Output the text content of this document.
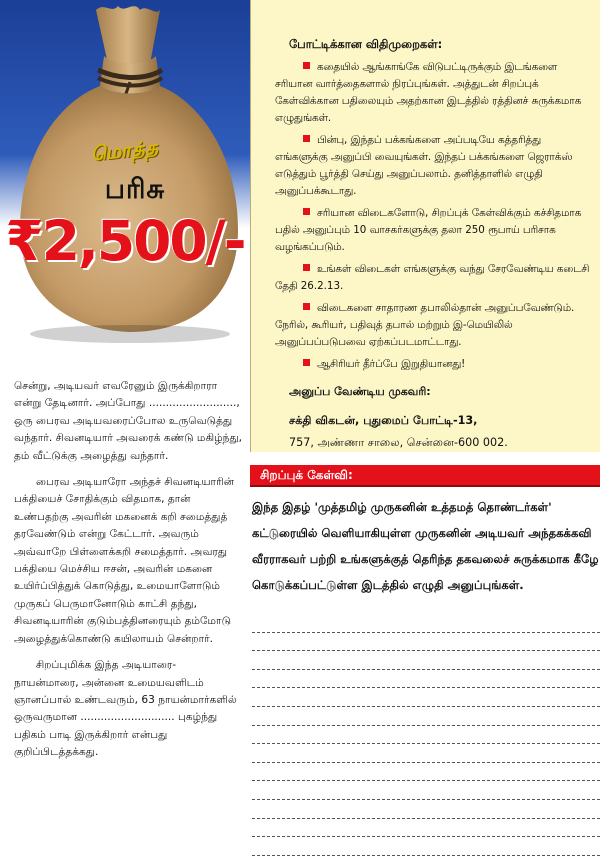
மொத்த
பரிசு
₹2,500/-
போட்டிக்கான விதிமுறைகள்:
கதையில் ஆங்காங்கே விடுபட்டிருக்கும் இடங்களை சரியான வார்த்தைகளால் நிரப்புங்கள். அத்துடன் சிறப்புக் கேள்விக்கான பதிலையும் அதற்கான இடத்தில் ரத்தினச் சுருக்கமாக எழுதுங்கள்.
பின்பு, இந்தப் பக்கங்களை அப்படியே கத்தரித்து எங்களுக்கு அனுப்பி வையுங்கள். இந்தப் பக்கங்களை ஜெராக்ஸ் எடுத்தும் பூர்த்தி செய்து அனுப்பலாம். தனித்தாளில் எழுதி அனுப்பக்கூடாது.
சரியான விடைகளோடு, சிறப்புக் கேள்விக்கும் கச்சிதமாக பதில் அனுப்பும் 10 வாசகர்களுக்கு தலா 250 ரூபாய் பரிசாக வழங்கப்படும்.
உங்கள் விடைகள் எங்களுக்கு வந்து சேரவேண்டிய கடைசி தேதி 26.2.13.
விடைகளை சாதாரண தபாலில்தான் அனுப்பவேண்டும். நேரில், கூரியர், பதிவுத் தபால் மற்றும் இ-மெயிலில் அனுப்பப்படுபவை ஏற்கப்படமாட்டாது.
ஆசிரியர் தீர்ப்பே இறுதியானது!
அனுப்ப வேண்டிய முகவரி:
சக்தி விகடன், புதுமைப் போட்டி-13,
757, அண்ணா சாலை, சென்னை-600 002.

சென்று, அடியவர் எவரேனும் இருக்கிறாரா என்று தேடினார். அப்போது .........................., ஒரு பைரவ அடியவரைப்போல உருவெடுத்து வந்தார். சிவனடியார் அவரைக் கண்டு மகிழ்ந்து, தம் வீட்டுக்கு அழைத்து வந்தார்.

பைரவ அடியாரோ அந்தச் சிவனடியாரின் பக்தியைச் சோதிக்கும் விதமாக, தான் உண்பதற்கு அவரின் மகனைக் கறி சமைத்துத் தரவேண்டும் என்று கேட்டார். அவரும் அவ்வாறே பிள்ளைக்கறி சமைத்தார். அவரது பக்தியை மெச்சிய ஈசன், அவரின் மகனை உயிர்ப்பித்துக் கொடுத்து, உமையாளோடும் முருகப் பெருமானோடும் காட்சி தந்து, சிவனடியாரின் குடும்பத்தினரையும் தம்மோடு அழைத்துக்கொண்டு கயிலாயம் சென்றார்.

சிறப்புமிக்க இந்த அடியாரை- நாயன்மாரை, அன்னை உமையவளிடம் ஞானப்பால் உண்டவரும், 63 நாயன்மார்களில் ஒருவருமான ............................ புகழ்ந்து பதிகம் பாடி இருக்கிறார் என்பது குறிப்பிடத்தக்கது.

சிறப்புக் கேள்வி:
இந்த இதழ் 'முத்தமிழ் முருகனின் உத்தமத் தொண்டர்கள்' கட்டுரையில் வெளியாகியுள்ள முருகனின் அடியவர் அந்தகக்கவி வீரராகவர் பற்றி உங்களுக்குத் தெரிந்த தகவலைச் சுருக்கமாக கீழே கொடுக்கப்பட்டுள்ள இடத்தில் எழுதி அனுப்புங்கள்.
